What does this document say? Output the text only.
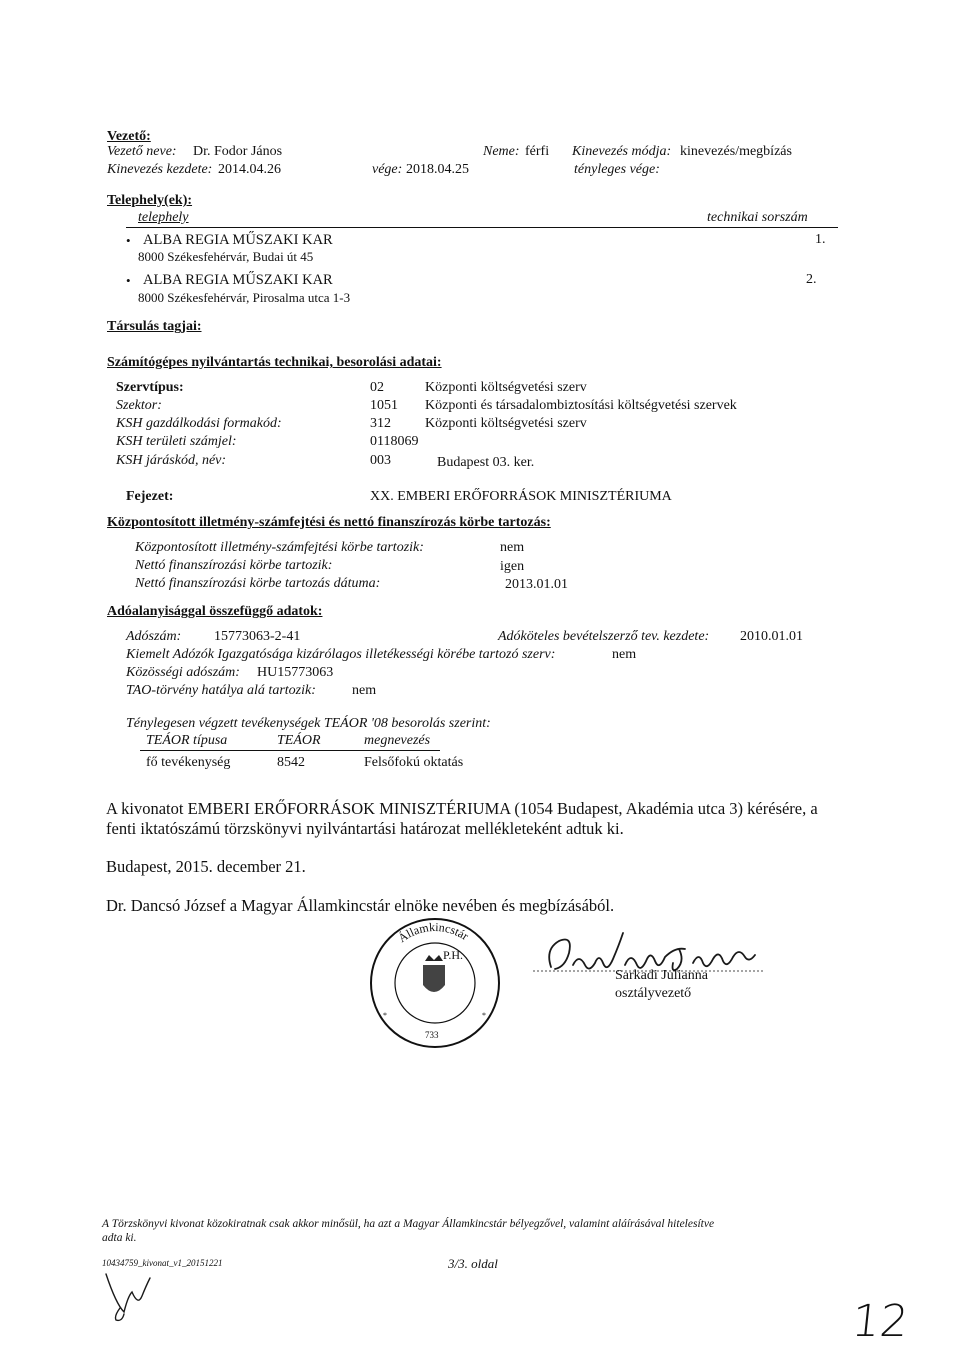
Vezető:
Vezető neve: Dr. Fodor János	Neme: férfi Kinevezés módja: kinevezés/megbízás
Kinevezés kezdete: 2014.04.26	vége: 2018.04.25	tényleges vége:
Telephely(ek):
telephely	technikai sorszám
• ALBA REGIA MŰSZAKI KAR
8000 Székesfehérvár, Budai út 45
1.
• ALBA REGIA MŰSZAKI KAR
8000 Székesfehérvár, Pirosalma utca 1-3
2.
Társulás tagjai:
Számítógépes nyilvántartás technikai, besorolási adatai:
Szervtípus:	02	Központi költségvetési szerv
Szektor:	1051 Központi és társadalombiztosítási költségvetési szervek
KSH gazdálkodási formakód:	312 Központi költségvetési szerv
KSH területi számjel:	0118069
KSH járáskód, név:	003	Budapest 03. ker.
Fejezet:	XX. EMBERI ERŐFORRÁSOK MINISZTÉRIUMA
Központosított illetmény-számfejtési és nettó finanszírozás körbe tartozás:
Központosított illetmény-számfejtési körbe tartozik:	nem
Nettó finanszírozási körbe tartozik:	igen
Nettó finanszírozási körbe tartozás dátuma:	2013.01.01
Adóalanyisággal összefüggő adatok:
Adószám: 15773063-2-41	Adóköteles bevételszerző tev. kezdete: 2010.01.01
Kiemelt Adózók Igazgatósága kizárólagos illetékességi körébe tartozó szerv:	nem
Közösségi adószám: HU15773063
TAO-törvény hatálya alá tartozik:	nem
Ténylegesen végzett tevékenységek TEÁOR '08 besorolás szerint:
TEÁOR típusa	TEÁOR	megnevezés
fő tevékenység	8542	Felsőfokú oktatás
A kivonatot EMBERI ERŐFORRÁSOK MINISZTÉRIUMA (1054 Budapest, Akadémia utca 3) kérésére, a
fenti iktatószámú törzskönyvi nyilvántartási határozat mellékleteként adtuk ki.
Budapest, 2015. december 21.
Dr. Dancsó József a Magyar Államkincstár elnöke nevében és megbízásából.
Államkincstár
P.H.
733
*	*
Sarkadi Julianna
osztályvezető
A Törzskönyvi kivonat közokiratnak csak akkor minősül, ha azt a Magyar Államkincstár bélyegzővel, valamint aláírásával hitelesítve
adta ki.
10434759_kivonat_v1_20151221	3/3. oldal
12
